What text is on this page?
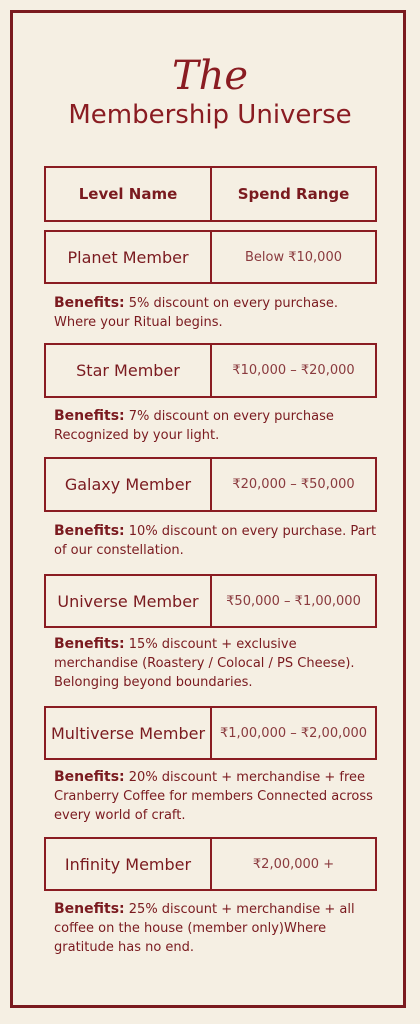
The
Membership Universe
Level Name	Spend Range
Planet Member	Below ₹10,000
Benefits: 5% discount on every purchase. Where your Ritual begins.
Star Member	₹10,000 – ₹20,000
Benefits: 7% discount on every purchase Recognized by your light.
Galaxy Member	₹20,000 – ₹50,000
Benefits: 10% discount on every purchase. Part of our constellation.
Universe Member	₹50,000 – ₹1,00,000
Benefits: 15% discount + exclusive merchandise (Roastery / Colocal / PS Cheese). Belonging beyond boundaries.
Multiverse Member	₹1,00,000 – ₹2,00,000
Benefits: 20% discount + merchandise + free Cranberry Coffee for members Connected across every world of craft.
Infinity Member	₹2,00,000 +
Benefits: 25% discount + merchandise + all coffee on the house (member only)Where gratitude has no end.
